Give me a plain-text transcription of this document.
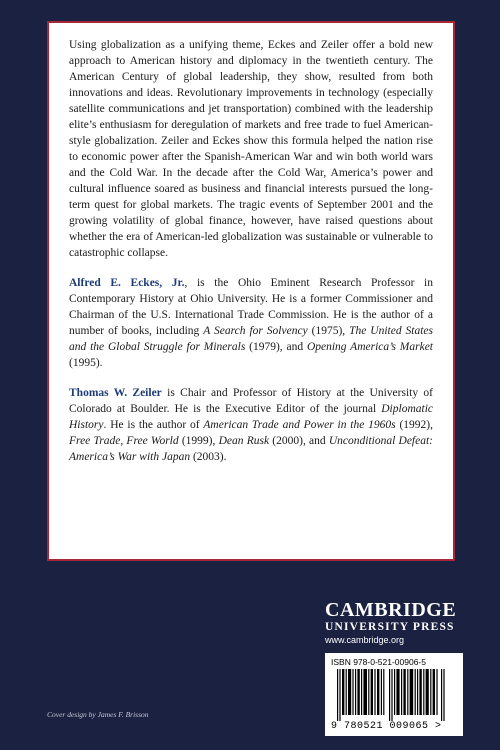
Using globalization as a unifying theme, Eckes and Zeiler offer a bold new approach to American history and diplomacy in the twentieth century. The American Century of global leadership, they show, resulted from both innovations and ideas. Revolutionary improvements in technology (especially satellite communications and jet transportation) combined with the leadership elite’s enthusiasm for deregulation of markets and free trade to fuel American-style globalization. Zeiler and Eckes show this formula helped the nation rise to economic power after the Spanish-American War and win both world wars and the Cold War. In the decade after the Cold War, America’s power and cultural influence soared as business and financial interests pursued the long-term quest for global markets. The tragic events of September 2001 and the growing volatility of global finance, however, have raised questions about whether the era of American-led globalization was sustainable or vulnerable to catastrophic collapse.

Alfred E. Eckes, Jr., is the Ohio Eminent Research Professor in Contemporary History at Ohio University. He is a former Commissioner and Chairman of the U.S. International Trade Commission. He is the author of a number of books, including A Search for Solvency (1975), The United States and the Global Struggle for Minerals (1979), and Opening America’s Market (1995).

Thomas W. Zeiler is Chair and Professor of History at the University of Colorado at Boulder. He is the Executive Editor of the journal Diplomatic History. He is the author of American Trade and Power in the 1960s (1992), Free Trade, Free World (1999), Dean Rusk (2000), and Unconditional Defeat: America’s War with Japan (2003).

CAMBRIDGE
UNIVERSITY PRESS
www.cambridge.org
ISBN 978-0-521-00906-5
9 780521 009065 >
Cover design by James F. Brisson
